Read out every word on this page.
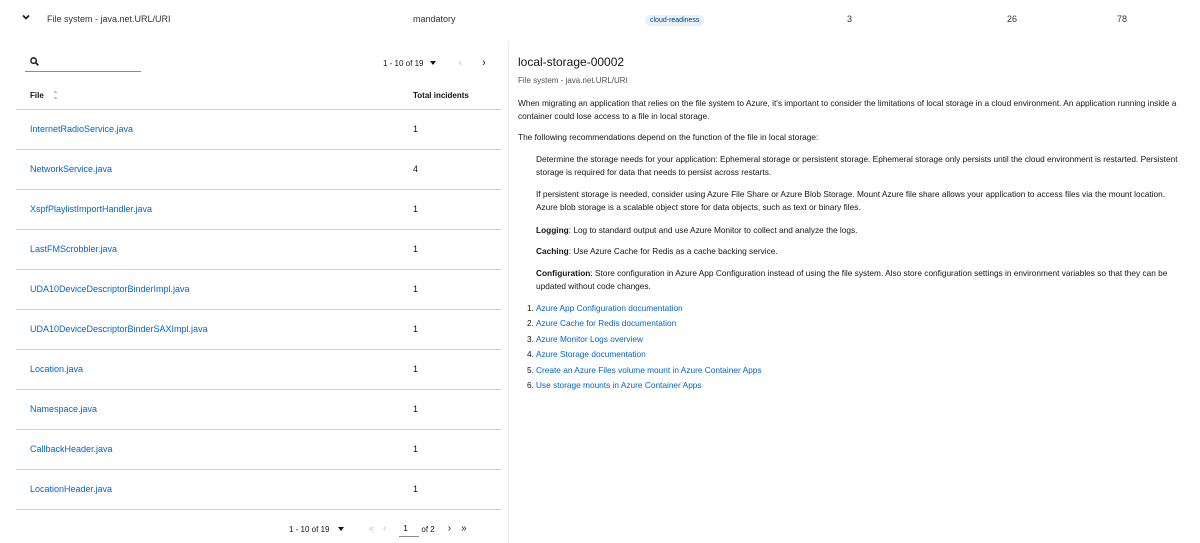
File system - java.net.URL/URI	mandatory	cloud-readiness	3	26	78
1 - 10 of 19	‹ ›
File	Total incidents
InternetRadioService.java	1
NetworkService.java	4
XspfPlaylistImportHandler.java	1
LastFMScrobbler.java	1
UDA10DeviceDescriptorBinderImpl.java	1
UDA10DeviceDescriptorBinderSAXImpl.java	1
Location.java	1
Namespace.java	1
CallbackHeader.java	1
LocationHeader.java	1
1 - 10 of 19	« ‹
1	of 2 › »
local-storage-00002
File system - java.net.URL/URI

When migrating an application that relies on the file system to Azure, it's important to consider the limitations of local storage in a cloud environment. An application running inside a container could lose access to a file in local storage.

The following recommendations depend on the function of the file in local storage:

Determine the storage needs for your application: Ephemeral storage or persistent storage. Ephemeral storage only persists until the cloud environment is restarted. Persistent storage is required for data that needs to persist across restarts.

If persistent storage is needed, consider using Azure File Share or Azure Blob Storage. Mount Azure file share allows your application to access files via the mount location. Azure blob storage is a scalable object store for data objects, such as text or binary files.

Logging: Log to standard output and use Azure Monitor to collect and analyze the logs.

Caching: Use Azure Cache for Redis as a cache backing service.

Configuration: Store configuration in Azure App Configuration instead of using the file system. Also store configuration settings in environment variables so that they can be updated without code changes.

1. Azure App Configuration documentation
2. Azure Cache for Redis documentation
3. Azure Monitor Logs overview
4. Azure Storage documentation
5. Create an Azure Files volume mount in Azure Container Apps
6. Use storage mounts in Azure Container Apps
